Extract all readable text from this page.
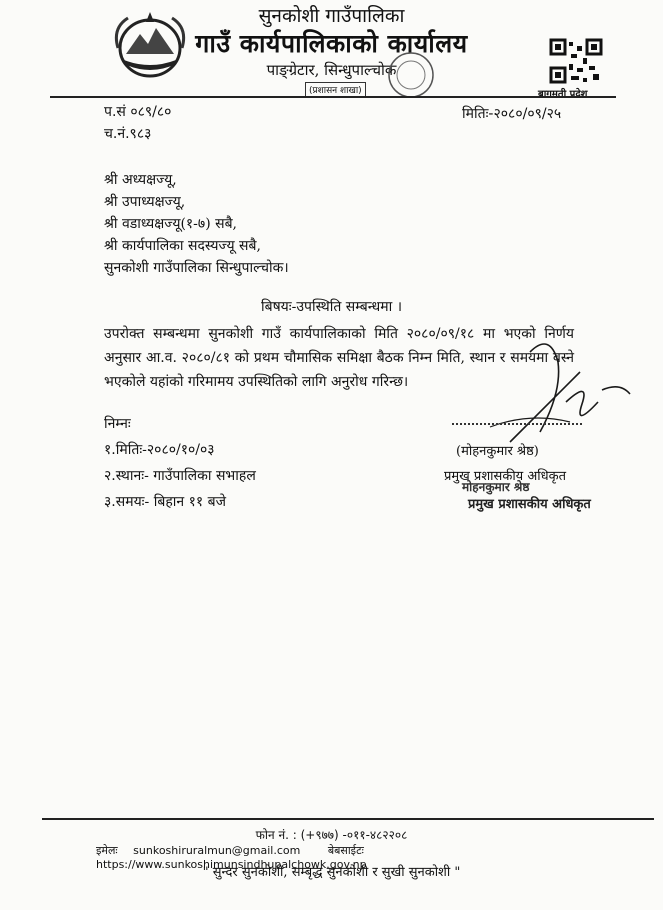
सुनकोशी गाउँपालिका
गाउँ कार्यपालिकाको कार्यालय
पाङ्ग्रेटार, सिन्धुपाल्चोक
(प्रशासन शाखा)	बागमती प्रदेश
प.सं ०८९/८०
च.नं.९८३
मितिः-२०८०/०९/२५
श्री अध्यक्षज्यू,
श्री उपाध्यक्षज्यू,
श्री वडाध्यक्षज्यू(१-७) सबै,
श्री कार्यपालिका सदस्यज्यू सबै,
सुनकोशी गाउँपालिका सिन्धुपाल्चोक।
बिषयः-उपस्थिति सम्बन्धमा ।
उपरोक्त सम्बन्धमा सुनकोशी गाउँ कार्यपालिकाको मिति २०८०/०९/१८ मा भएको निर्णय अनुसार आ.व. २०८०/८१ को प्रथम चौमासिक समिक्षा बैठक निम्न मिति, स्थान र समयमा बस्ने भएकोले यहांको गरिमामय उपस्थितिको लागि अनुरोध गरिन्छ।
निम्नः
१.मितिः-२०८०/१०/०३
२.स्थानः- गाउँपालिका सभाहल
३.समयः- बिहान ११ बजे
(मोहनकुमार श्रेष्ठ)
प्रमुख प्रशासकीय अधिकृत
मोहनकुमार श्रेष्ठ
प्रमुख प्रशासकीय अधिकृत
फोन नं. : (+९७७) -०११-४८२२०८
इमेलः sunkoshiruralmun@gmail.com	बेबसाईटः https://www.sunkoshimunsindhupalchowk.gov.np
" सुन्दर सुनकोशी, सम्बृद्ध सुनकोशी र सुखी सुनकोशी "
